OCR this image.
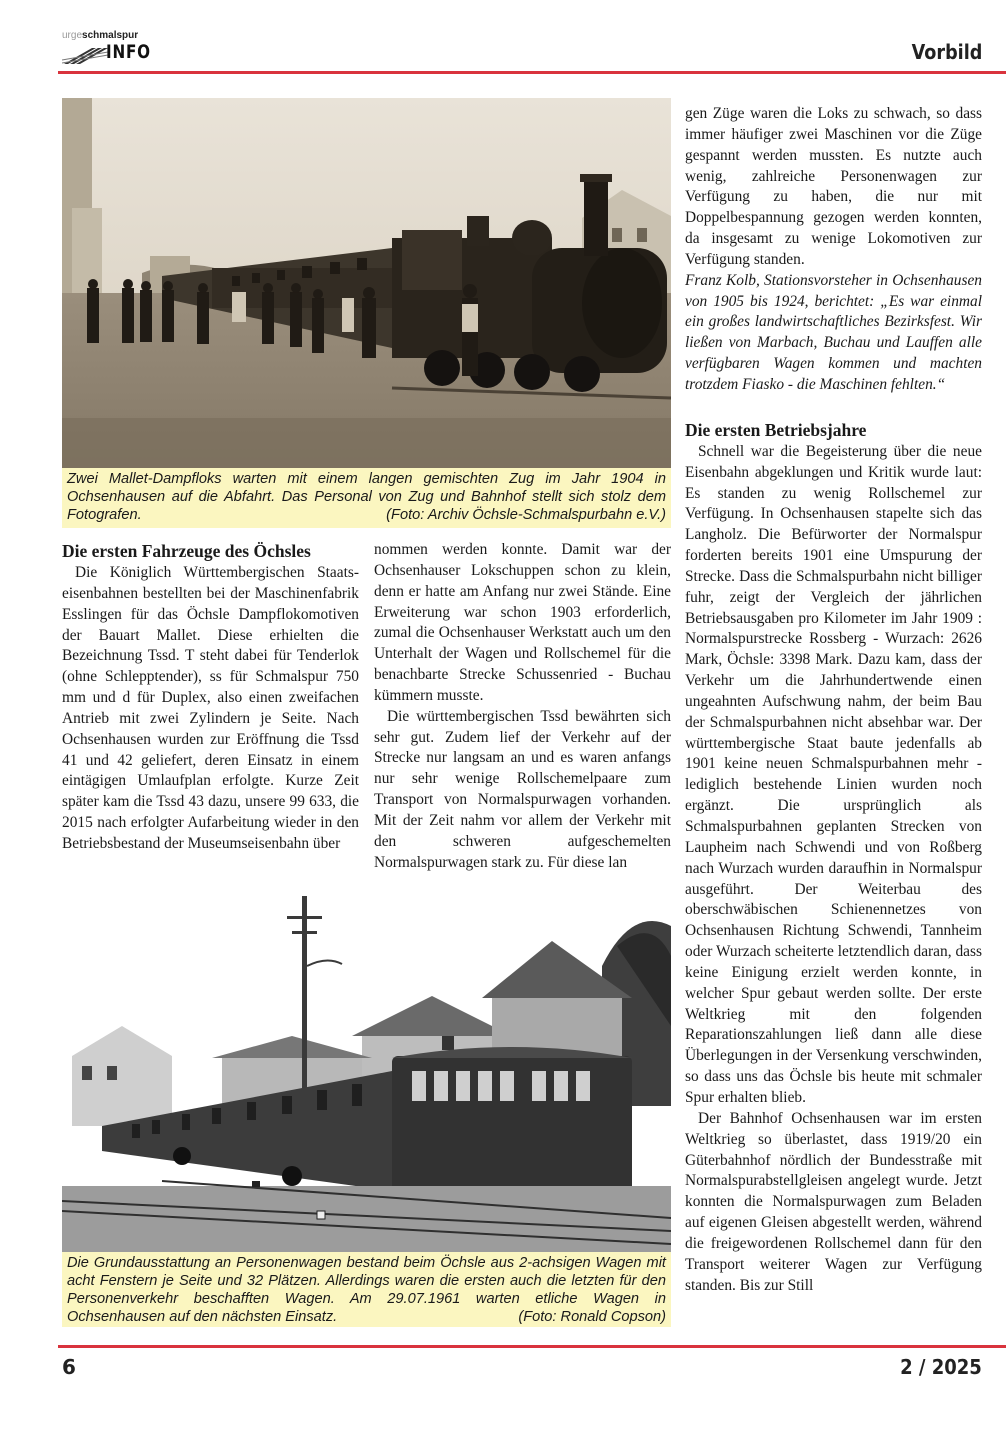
urgeschmalspur
INFO	Vorbild
Zwei Mallet-Dampfloks warten mit einem langen gemischten Zug im Jahr 1904 in Ochsenhausen auf die Abfahrt. Das Personal von Zug und Bahnhof stellt sich stolz dem Fotografen.	(Foto: Archiv Öchsle-Schmalspurbahn e.V.)
Die ersten Fahrzeuge des Öchsles

Die Königlich Württembergischen Staatseisenbahnen bestellten bei der Maschinenfabrik Esslingen für das Öchsle Dampflokomotiven der Bauart Mallet. Diese erhielten die Bezeichnung Tssd. T steht dabei für Tenderlok (ohne Schlepptender), ss für Schmalspur 750 mm und d für Duplex, also einen zweifachen Antrieb mit zwei Zylindern je Seite. Nach Ochsenhausen wurden zur Eröffnung die Tssd 41 und 42 geliefert, deren Einsatz in einem eintägigen Umlaufplan erfolgte. Kurze Zeit später kam die Tssd 43 dazu, unsere 99 633, die 2015 nach erfolgter Aufarbeitung wieder in den Betriebsbestand der Museumseisenbahn über

nommen werden konnte. Damit war der Ochsenhauser Lokschuppen schon zu klein, denn er hatte am Anfang nur zwei Stände. Eine Erweiterung war schon 1903 erforderlich, zumal die Ochsenhauser Werkstatt auch um den Unterhalt der Wagen und Rollschemel für die benachbarte Strecke Schussenried - Buchau kümmern musste.

Die württembergischen Tssd bewährten sich sehr gut. Zudem lief der Verkehr auf der Strecke nur langsam an und es waren anfangs nur sehr wenige Rollschemelpaare zum Transport von Normalspurwagen vorhanden. Mit der Zeit nahm vor allem der Verkehr mit den schweren aufgeschemelten Normalspurwagen stark zu. Für diese lan

gen Züge waren die Loks zu schwach, so dass immer häufiger zwei Maschinen vor die Züge gespannt werden mussten. Es nutzte auch wenig, zahlreiche Personenwagen zur Verfügung zu haben, die nur mit Doppelbespannung gezogen werden konnten, da insgesamt zu wenige Lokomotiven zur Verfügung standen.

Franz Kolb, Stationsvorsteher in Ochsenhausen von 1905 bis 1924, berichtet: „Es war einmal ein großes landwirtschaftliches Bezirksfest. Wir ließen von Marbach, Buchau und Lauffen alle verfügbaren Wagen kommen und machten trotzdem Fiasko - die Maschinen fehlten.“

Die ersten Betriebsjahre

Schnell war die Begeisterung über die neue Eisenbahn abgeklungen und Kritik wurde laut: Es standen zu wenig Rollschemel zur Verfügung. In Ochsenhausen stapelte sich das Langholz. Die Befürworter der Normalspur forderten bereits 1901 eine Umspurung der Strecke. Dass die Schmalspurbahn nicht billiger fuhr, zeigt der Vergleich der jährlichen Betriebsausgaben pro Kilometer im Jahr 1909 : Normalspurstrecke Rossberg - Wurzach: 2626 Mark, Öchsle: 3398 Mark. Dazu kam, dass der Verkehr um die Jahrhundertwende einen ungeahnten Aufschwung nahm, der beim Bau der Schmalspurbahnen nicht absehbar war. Der württembergische Staat baute jedenfalls ab 1901 keine neuen Schmalspurbahnen mehr - lediglich bestehende Linien wurden noch ergänzt. Die ursprünglich als Schmalspurbahnen geplanten Strecken von Laupheim nach Schwendi und von Roßberg nach Wurzach wurden daraufhin in Normalspur ausgeführt. Der Weiterbau des oberschwäbischen Schienennetzes von Ochsenhausen Richtung Schwendi, Tannheim oder Wurzach scheiterte letztendlich daran, dass keine Einigung erzielt werden konnte, in welcher Spur gebaut werden sollte. Der erste Weltkrieg mit den folgenden Reparationszahlungen ließ dann alle diese Überlegungen in der Versenkung verschwinden, so dass uns das Öchsle bis heute mit schmaler Spur erhalten blieb.

Der Bahnhof Ochsenhausen war im ersten Weltkrieg so überlastet, dass 1919/20 ein Güterbahnhof nördlich der Bundesstraße mit Normalspurabstellgleisen angelegt wurde. Jetzt konnten die Normalspurwagen zum Beladen auf eigenen Gleisen abgestellt werden, während die freigewordenen Rollschemel dann für den Transport weiterer Wagen zur Verfügung standen. Bis zur Still

Die Grundausstattung an Personenwagen bestand beim Öchsle aus 2-achsigen Wagen mit acht Fenstern je Seite und 32 Plätzen. Allerdings waren die ersten auch die letzten für den Personenverkehr beschafften Wagen. Am 29.07.1961 warten etliche Wagen in Ochsenhausen auf den nächsten Einsatz.	(Foto: Ronald Copson)
6	2 / 2025
